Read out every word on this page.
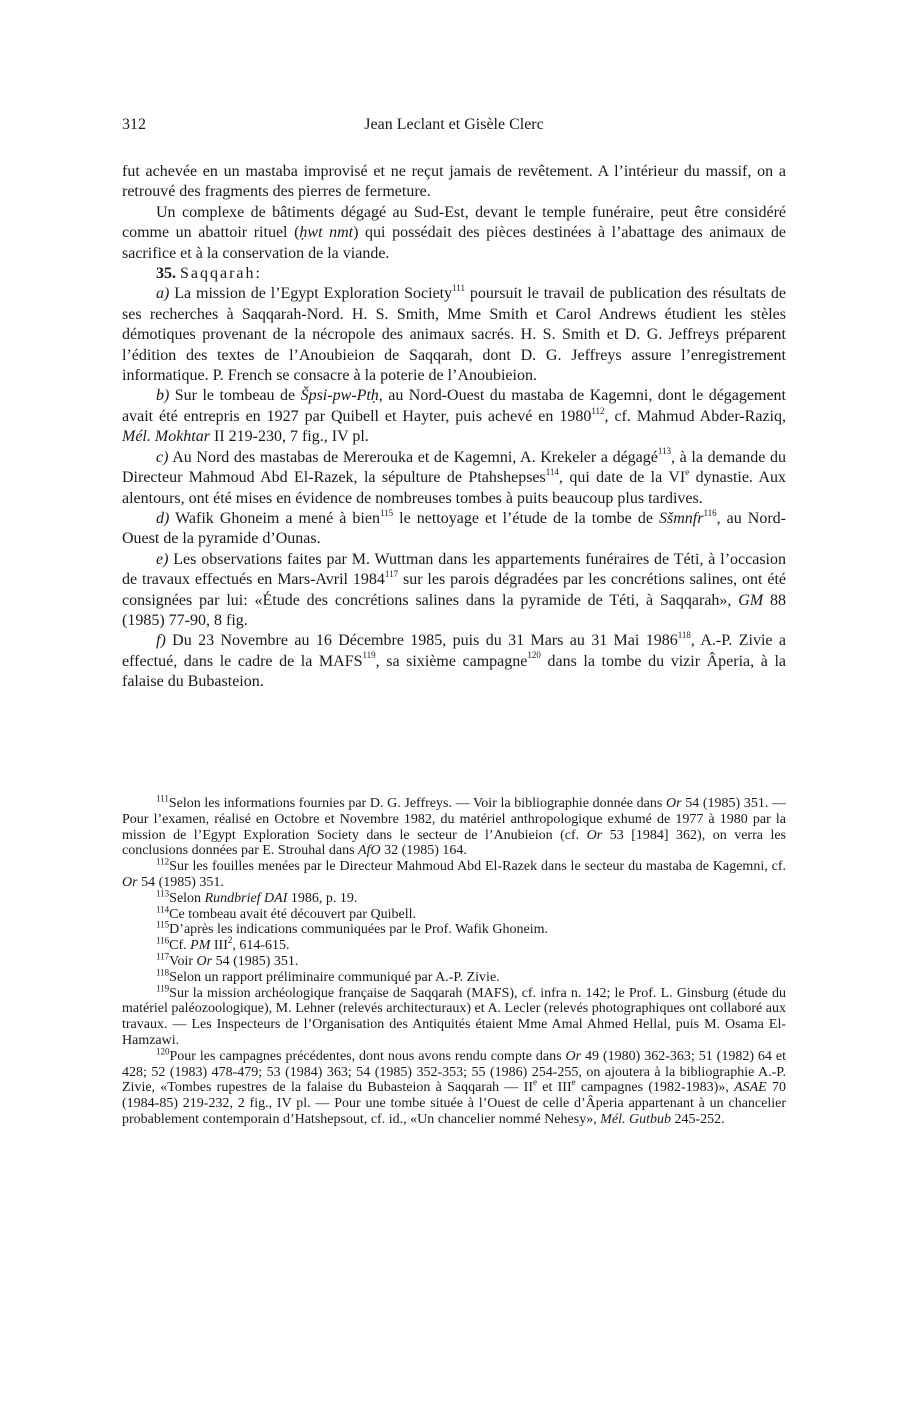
312	Jean Leclant et Gisèle Clerc

fut achevée en un mastaba improvisé et ne reçut jamais de revêtement. A l’intérieur du massif, on a retrouvé des fragments des pierres de fermeture.

Un complexe de bâtiments dégagé au Sud-Est, devant le temple funéraire, peut être considéré comme un abattoir rituel (ḥwt nmt) qui possédait des pièces destinées à l’abattage des animaux de sacrifice et à la conservation de la viande.

35. Saqqarah:

a) La mission de l’Egypt Exploration Society$^{111}$ poursuit le travail de publication des résultats de ses recherches à Saqqarah-Nord. H. S. Smith, Mme Smith et Carol Andrews étudient les stèles démotiques provenant de la nécropole des animaux sacrés. H. S. Smith et D. G. Jeffreys préparent l’édition des textes de l’Anoubieion de Saqqarah, dont D. G. Jeffreys assure l’enregistrement informatique. P. French se consacre à la poterie de l’Anoubieion.

b) Sur le tombeau de Špsi-pw-Ptḥ, au Nord-Ouest du mastaba de Kagemni, dont le dégagement avait été entrepris en 1927 par Quibell et Hayter, puis achevé en 1980$^{112}$, cf. Mahmud Abder-Raziq, Mél. Mokhtar II 219-230, 7 fig., IV pl.

c) Au Nord des mastabas de Mererouka et de Kagemni, A. Krekeler a dégagé$^{113}$, à la demande du Directeur Mahmoud Abd El-Razek, la sépulture de Ptahshepses$^{114}$, qui date de la VIe dynastie. Aux alentours, ont été mises en évidence de nombreuses tombes à puits beaucoup plus tardives.

d) Wafik Ghoneim a mené à bien$^{115}$ le nettoyage et l’étude de la tombe de Sšmnfr$^{116}$, au Nord-Ouest de la pyramide d’Ounas.

e) Les observations faites par M. Wuttman dans les appartements funéraires de Téti, à l’occasion de travaux effectués en Mars-Avril 1984$^{117}$ sur les parois dégradées par les concrétions salines, ont été consignées par lui: «Étude des concrétions salines dans la pyramide de Téti, à Saqqarah», GM 88 (1985) 77-90, 8 fig.

f) Du 23 Novembre au 16 Décembre 1985, puis du 31 Mars au 31 Mai 1986$^{118}$, A.-P. Zivie a effectué, dans le cadre de la MAFS$^{119}$, sa sixième campagne$^{120}$ dans la tombe du vizir Âperia, à la falaise du Bubasteion.

$^{111}$Selon les informations fournies par D. G. Jeffreys. — Voir la bibliographie donnée dans Or 54 (1985) 351. — Pour l’examen, réalisé en Octobre et Novembre 1982, du matériel anthropologique exhumé de 1977 à 1980 par la mission de l’Egypt Exploration Society dans le secteur de l’Anubieion (cf. Or 53 [1984] 362), on verra les conclusions données par E. Strouhal dans AfO 32 (1985) 164.

$^{112}$Sur les fouilles menées par le Directeur Mahmoud Abd El-Razek dans le secteur du mastaba de Kagemni, cf. Or 54 (1985) 351.

$^{113}$Selon Rundbrief DAI 1986, p. 19.

$^{114}$Ce tombeau avait été découvert par Quibell.

$^{115}$D’après les indications communiquées par le Prof. Wafik Ghoneim.

$^{116}$Cf. PM III$^2$, 614-615.

$^{117}$Voir Or 54 (1985) 351.

$^{118}$Selon un rapport préliminaire communiqué par A.-P. Zivie.

$^{119}$Sur la mission archéologique française de Saqqarah (MAFS), cf. infra n. 142; le Prof. L. Ginsburg (étude du matériel paléozoologique), M. Lehner (relevés architecturaux) et A. Lecler (relevés photographiques ont collaboré aux travaux. — Les Inspecteurs de l’Organisation des Antiquités étaient Mme Amal Ahmed Hellal, puis M. Osama El-Hamzawi.

$^{120}$Pour les campagnes précédentes, dont nous avons rendu compte dans Or 49 (1980) 362-363; 51 (1982) 64 et 428; 52 (1983) 478-479; 53 (1984) 363; 54 (1985) 352-353; 55 (1986) 254-255, on ajoutera à la bibliographie A.-P. Zivie, «Tombes rupestres de la falaise du Bubasteion à Saqqarah — IIe et IIIe campagnes (1982-1983)», ASAE 70 (1984-85) 219-232, 2 fig., IV pl. — Pour une tombe située à l’Ouest de celle d’Âperia appartenant à un chancelier probablement contemporain d’Hatshepsout, cf. id., «Un chancelier nommé Nehesy», Mél. Gutbub 245-252.
